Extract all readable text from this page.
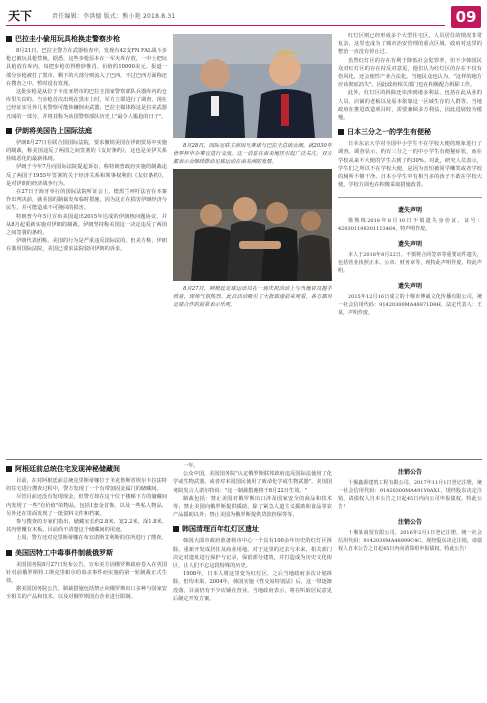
天下	责任编辑：李洪德 版式：熊小艳 2018.8.31	09
巴拉圭小偷用玩具枪换走警察步枪

8月21日，巴拉圭警方在武器检查中，发现有42支FN FAL战斗步枪已被玩具枪替换。据悉，这些步枪原本在一军火库存放，一中士把玩具枪放在库内，每把步枪仿得惟妙惟肖，价值约10000美元。报道一部分步枪被打了黑市，剩下的大部分则流入了巴西，不过巴西方面称还在搜查之中，暂时没有发现。

这批步枪是从位于卡皮亚塔市的巴拉圭国家警察部队兵器库内的仓库里失窃的。当步枪首次出现在黑市上时，军方立即进行了调查，现在已经证实另外几名警察可能涉嫌倒卖武器，巴拉圭媒体称这是拉美武器丑闻的一部分，并将其称为该国警察部队历史上"最令人尴尬的日子"。

伊朗将美国告上国际法庭

伊朗8月27日在联合国国际法院，要求撤销美国在伊朗贸易中实施的制裁，称美国违反了两国之间签署的《友好条约》，这也是美伊关系持续恶化的最新体现。

伊朗于今年7月向国际法院提起诉讼，称特朗普政府实施的制裁违反了两国于1955年签署的关于经济关系和领事权利的《友好条约》，是对伊朗的经济战争行为。

在27日于海牙举行的国际法院听证会上，德黑兰呼吁法官在本案作出判决前，就美国的制裁发布临时措施，因为这正在损害伊朗经济与民生，并可能造成不可挽回的损害。

特朗普今年5月宣布美国退出2015年达成的伊朗核问题协议，并从8月起重新实施对伊朗的制裁。伊朗坚持称美国这一决定违反了两国之间签署的条约。

伊朗代表团称，美国的行为是严重违反国际法的，但美方称，伊朗在滥用国际法院，美国已要求法院驳回伊朗的诉求。

8月28日，国际足联主席因凡蒂诺与巴拉圭总统会面，就2030年世界杯申办事宜进行交流。这一消息在南美地区引起广泛关注，双方都表示会继续推动足球运动在南美洲的发展。

8月27日，阿根廷足球运动员在一场庆祝活动上与当地官员握手致意，现场气氛热烈。此次活动吸引了大批球迷前来观看，各方都对足球合作的前景表示乐观。

红灯区则已经形成多个大型住宅区，人员居住的情况非常复杂，这里也成为了城市治安管理的重点区域，政府对这里的整治一直没有停止过。

虽然红灯区的存在有利于降低社会犯罪率，但不少韩国民众对红灯区的存在持反对意见，他们认为红灯区的存在不仅有伤风化，还会使性产业合法化。当地民众也认为，"这样的地方应该彻底消失"。因此政府相关部门也在积极配合拆除工作。

此外，红灯区的拆除还牵涉到诸多利益，包括在此从业的人员、店铺的老板以及原本依靠这一区域生存的人群等，当地政府在推进改造项目时，需要兼顾多方利益，因此进展较为缓慢。

日本三分之一的学生有便秘

日本东京大学对全国中小学生不在学校大便的现象进行了调查。调查显示，约有三分之一的中小学生有便秘症状，而在学校从来不大便的学生占到了约30%。对此，研究人员表示，学生们之所以不在学校大便，是因为害怕被同学嘲笑或者学校的厕所不够干净。日本小学生中有相当多的孩子不敢在学校大便，学校方面也在积极采取措施改善。

遗失声明

梁熟练2018年8月10日不慎遗失身份证，证号：420301198301113464，特声明作废。

遗失声明

本人于2018年8月22日，不慎将合同签章等重要证件遗失，包括营业执照正本、公章、财务章等，现特此声明作废，特此声明。

遗失声明

2015年12月16日成立的十堰市博威文化传播有限公司，统一社会信用代码：91420300MA48871D8H，法定代表人：王某，声明作废。

阿根廷前总统住宅发现神秘储藏间

目前，在对阿根廷前总统克里斯蒂娜位于圣克鲁斯省埃尔卡拉法特的住宅进行搜查过程中，警方发现了一个有带加固金属门的储藏间。

尽管目前还没有发现现金，但警方却在这个位于楼梯下方的储藏间内发现了一些"有价值"的物品。包括1套金首饰，以及一些私人物品，另外还在里面发现了一批资料文件和档案。

参与搜查的专家们指出，储藏室长约2.8米，宽2.2米，深1.8米，其内壁覆有木板。目前尚不清楚这个储藏间的用途。

上周，警方还对克里斯蒂娜在布宜诺斯艾利斯的住所进行了搜查。

美国因特工中毒事件制裁俄罗斯

美国国务院8月27日发布公告，宣布美方因俄罗斯政府卷入在英国针对前俄罗斯特工斯克里帕尔的毒杀事件而实施的第一轮制裁正式生效。

据美国国务院公告，制裁措施包括禁止向俄罗斯出口多种与国家安全相关的产品和技术，以及对俄罗斯国有企业进行限制。

一年。

公众中国，美国国务院"认定俄罗斯联邦政府违反国际法使用了化学或生物武器，或者对本国国民使用了致命化学或生物武器"。美国国务院发言人诺尔特说："这一制裁措施将于8月22日生效。"

制裁包括：禁止美国对俄罗斯出口涉及国家安全的商品和技术等；禁止美国向俄罗斯提供援助，除了紧急人道主义援助和食品等农产品援助以外；禁止美国为俄罗斯提供贷款担保等等。

韩国清理百年红灯区遗址

韩国大邱市政府准备将市中心一个具有100余年历史的红灯区拆除，重新开发成居住及商业用地。对于这里的过去与未来，相关部门决定对遗址进行保护与记录，保留部分建筑，并打造成为历史文化街区，让人们不忘这段特殊的历史。

1908年，日本人将这里变为红灯区，之后当地政府多次计划拆除，但均未果。2004年，韩国实施《性交易特别法》后，这一带逐渐没落，目前仍有不少店铺在营业。当地政府表示，将在听取居民意见后制定开发方案。

注销公告

十堰鑫源建筑工程有限公司，2017年11月1日登记注册，统一社会信用代码：91420300MA491Y9AX1，现经股东决定注销，请债权人自本公告之日起45日内向公司申报债权。特此公告！

注销公告

十堰某商贸有限公司，2016年2月1日登记注册，统一社会信用代码：9142030MA48899C4C，现经股东决定注销，请债权人自本公告之日起45日内向清算组申报债权。特此公告！
